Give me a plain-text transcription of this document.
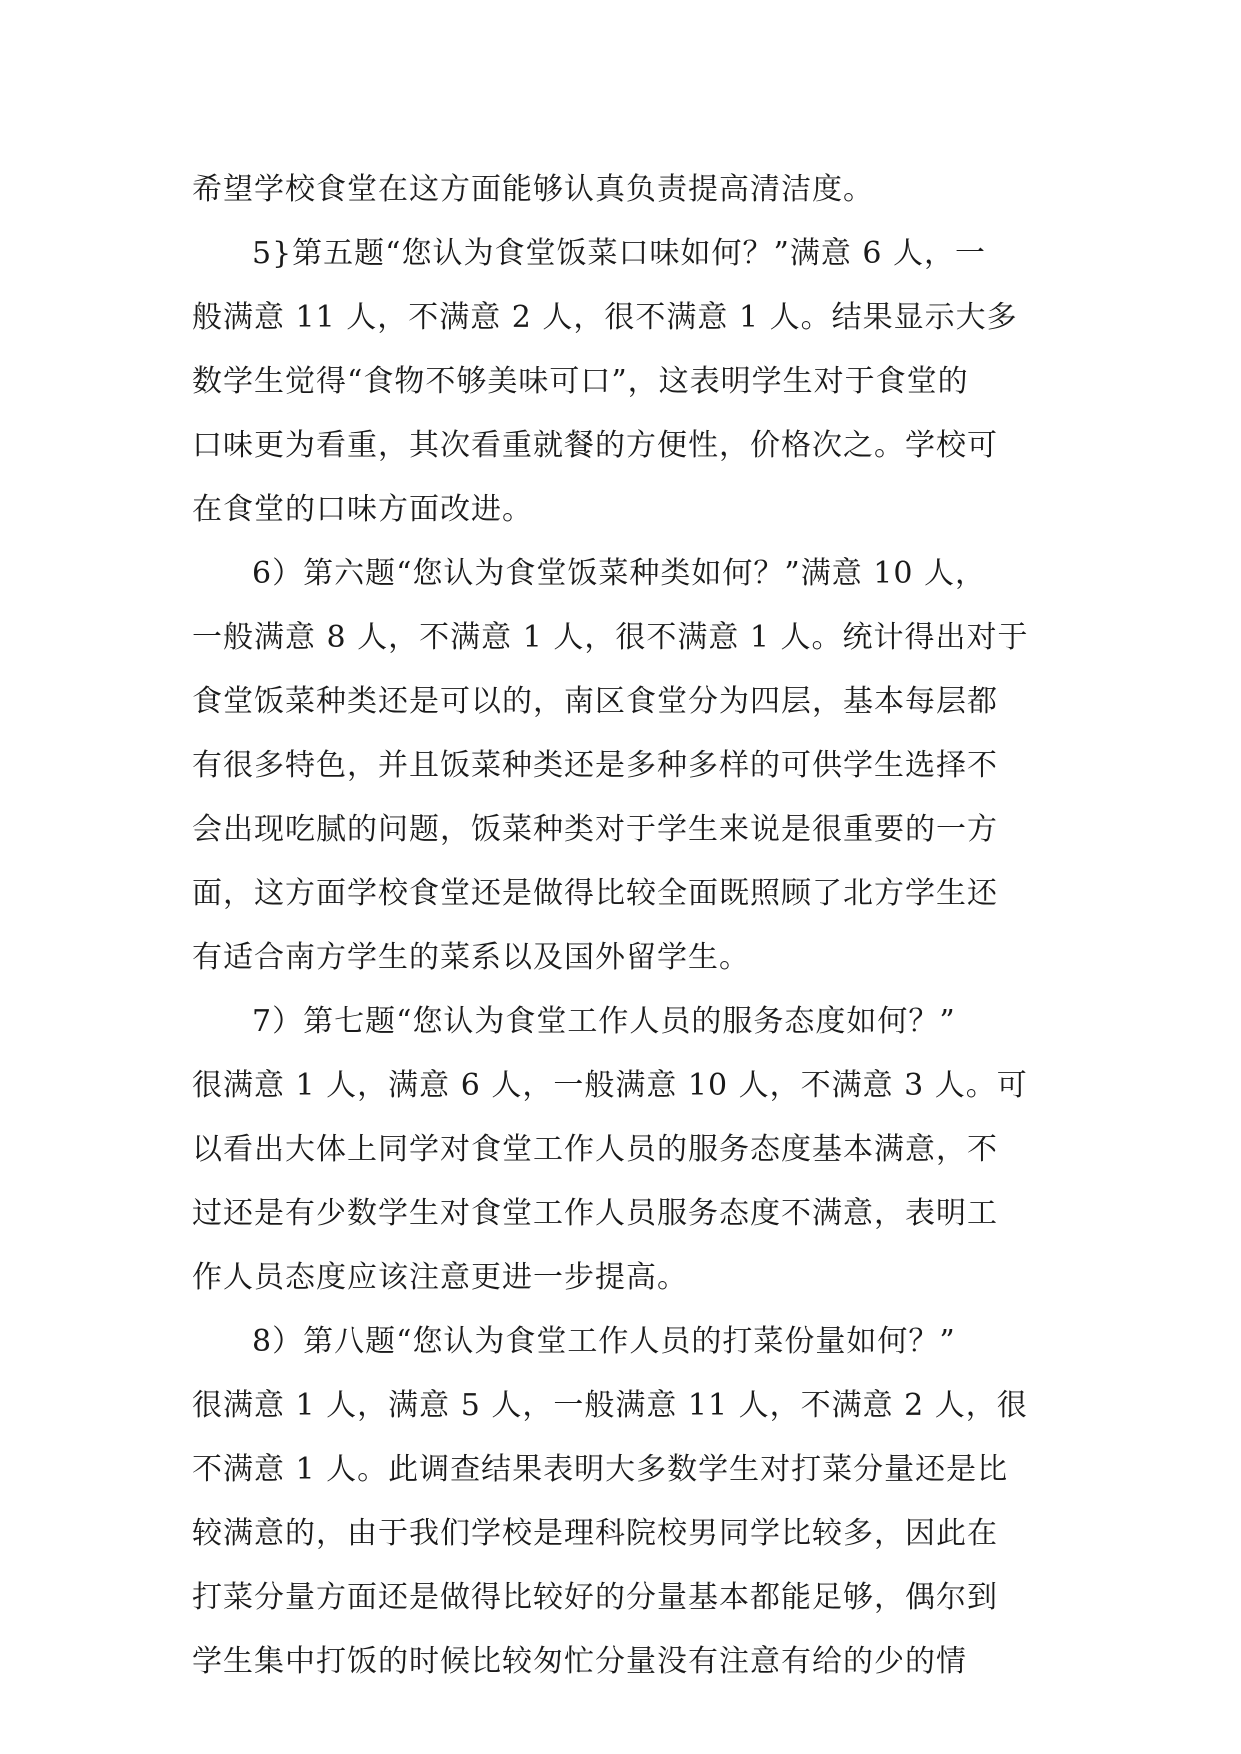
希望学校食堂在这方面能够认真负责提高清洁度。
5}第五题“您认为食堂饭菜口味如何？”满意 6 人，一
般满意 11 人，不满意 2 人，很不满意 1 人。结果显示大多
数学生觉得“食物不够美味可口”，这表明学生对于食堂的
口味更为看重，其次看重就餐的方便性，价格次之。学校可
在食堂的口味方面改进。
6）第六题“您认为食堂饭菜种类如何？”满意 10 人，
一般满意 8 人，不满意 1 人，很不满意 1 人。统计得出对于
食堂饭菜种类还是可以的，南区食堂分为四层，基本每层都
有很多特色，并且饭菜种类还是多种多样的可供学生选择不
会出现吃腻的问题，饭菜种类对于学生来说是很重要的一方
面，这方面学校食堂还是做得比较全面既照顾了北方学生还
有适合南方学生的菜系以及国外留学生。
7）第七题“您认为食堂工作人员的服务态度如何？”
很满意 1 人，满意 6 人，一般满意 10 人，不满意 3 人。可
以看出大体上同学对食堂工作人员的服务态度基本满意，不
过还是有少数学生对食堂工作人员服务态度不满意，表明工
作人员态度应该注意更进一步提高。
8）第八题“您认为食堂工作人员的打菜份量如何？”
很满意 1 人，满意 5 人，一般满意 11 人，不满意 2 人，很
不满意 1 人。此调查结果表明大多数学生对打菜分量还是比
较满意的，由于我们学校是理科院校男同学比较多，因此在
打菜分量方面还是做得比较好的分量基本都能足够，偶尔到
学生集中打饭的时候比较匆忙分量没有注意有给的少的情
